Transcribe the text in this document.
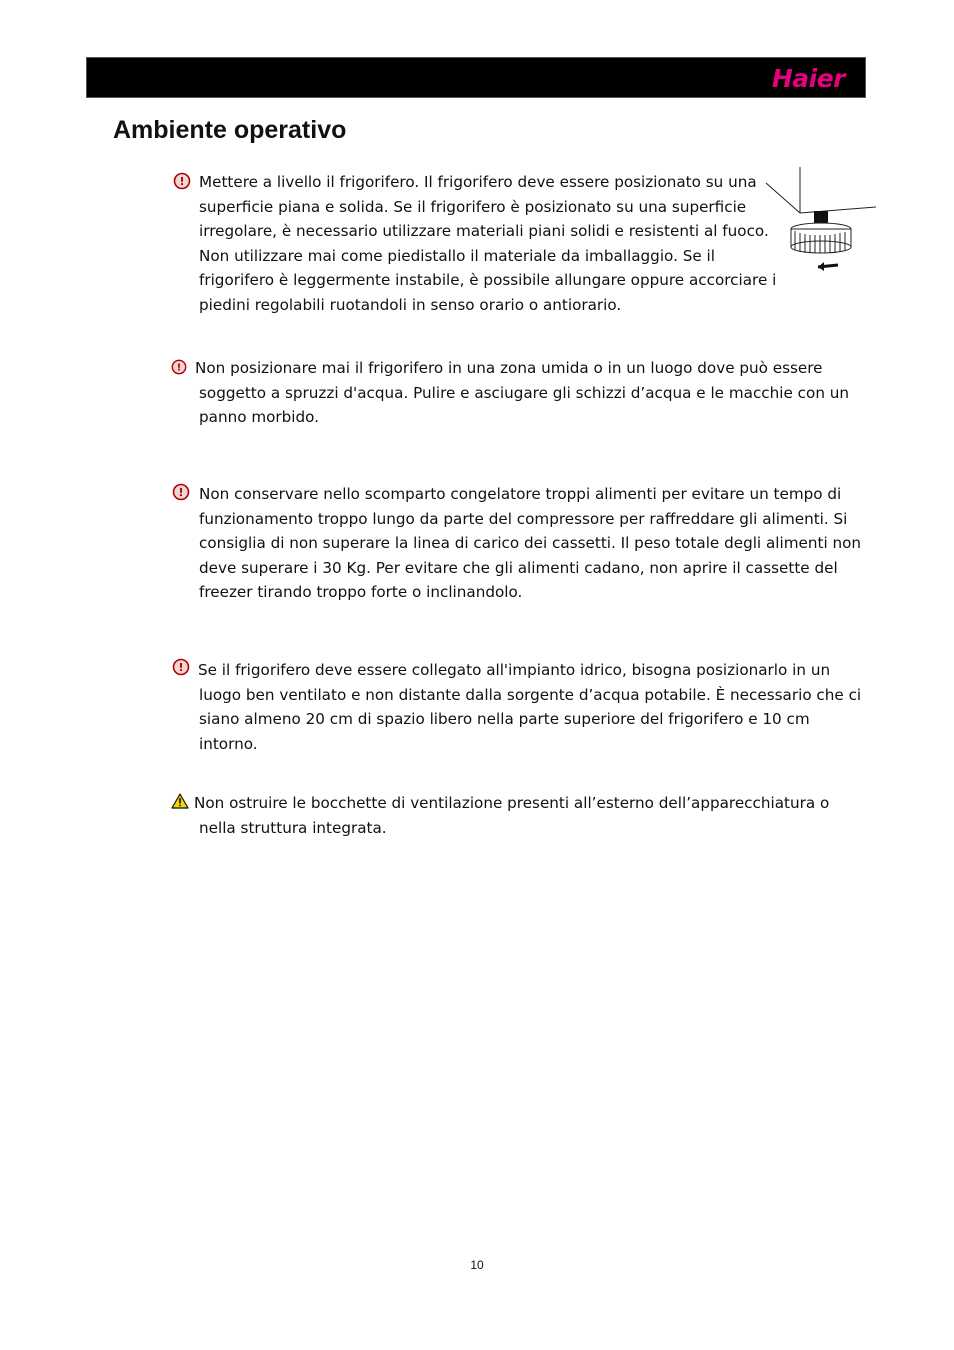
Haier
Ambiente operativo
! Mettere a livello il frigorifero. Il frigorifero deve essere posizionato su una
superficie piana e solida. Se il frigorifero è posizionato su una superficie
irregolare, è necessario utilizzare materiali piani solidi e resistenti al fuoco.
Non utilizzare mai come piedistallo il materiale da imballaggio. Se il
frigorifero è leggermente instabile, è possibile allungare oppure accorciare i
piedini regolabili ruotandoli in senso orario o antiorario.
! Non posizionare mai il frigorifero in una zona umida o in un luogo dove può essere
soggetto a spruzzi d'acqua. Pulire e asciugare gli schizzi d’acqua e le macchie con un
panno morbido.
! Non conservare nello scomparto congelatore troppi alimenti per evitare un tempo di
funzionamento troppo lungo da parte del compressore per raffreddare gli alimenti. Si
consiglia di non superare la linea di carico dei cassetti. Il peso totale degli alimenti non
deve superare i 30 Kg. Per evitare che gli alimenti cadano, non aprire il cassette del
freezer tirando troppo forte o inclinandolo.
! Se il frigorifero deve essere collegato all'impianto idrico, bisogna posizionarlo in un
luogo ben ventilato e non distante dalla sorgente d’acqua potabile. È necessario che ci
siano almeno 20 cm di spazio libero nella parte superiore del frigorifero e 10 cm
intorno.
Non ostruire le bocchette di ventilazione presenti all’esterno dell’apparecchiatura o
nella struttura integrata.
10
